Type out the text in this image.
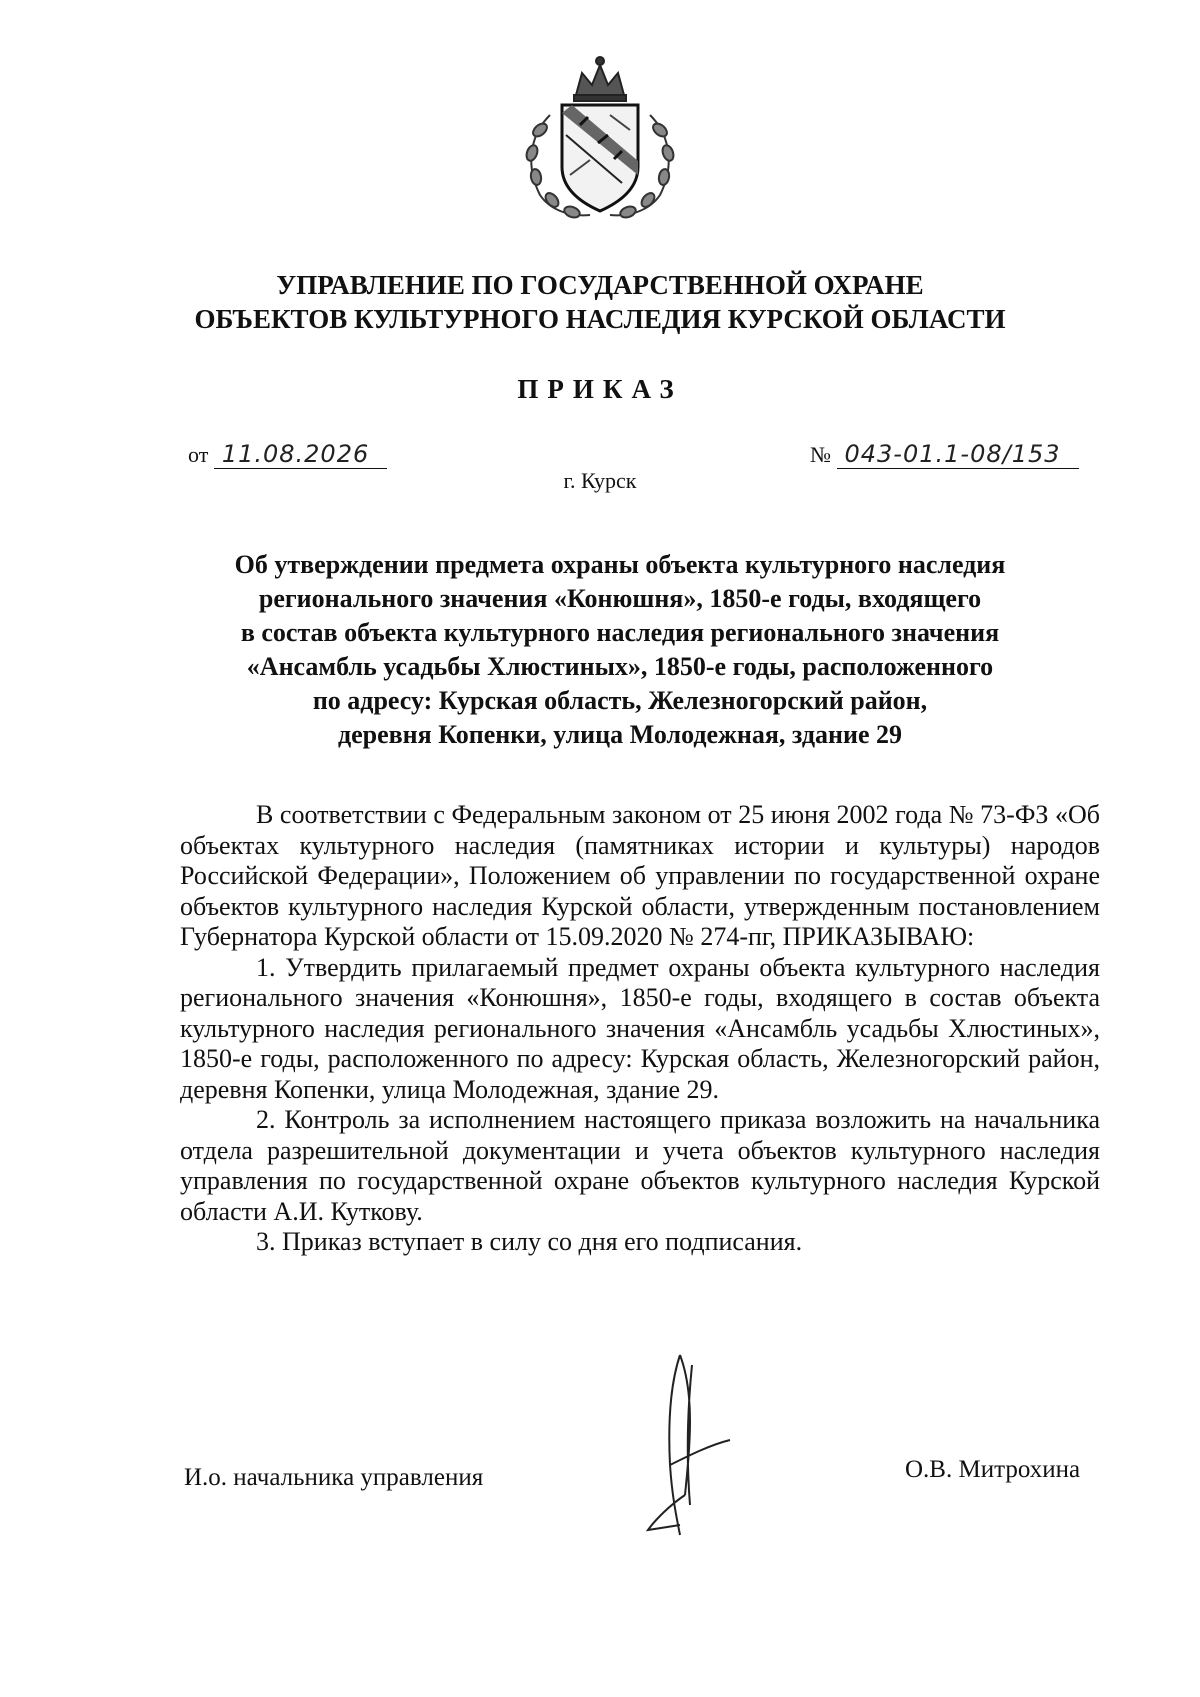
УПРАВЛЕНИЕ ПО ГОСУДАРСТВЕННОЙ ОХРАНЕ
ОБЪЕКТОВ КУЛЬТУРНОГО НАСЛЕДИЯ КУРСКОЙ ОБЛАСТИ
ПРИКАЗ
от 11.08.2026	№ 043-01.1-08/153
г. Курск
Об утверждении предмета охраны объекта культурного наследия
регионального значения «Конюшня», 1850-е годы, входящего
в состав объекта культурного наследия регионального значения
«Ансамбль усадьбы Хлюстиных», 1850-е годы, расположенного
по адресу: Курская область, Железногорский район,
деревня Копенки, улица Молодежная, здание 29

В соответствии с Федеральным законом от 25 июня 2002 года № 73-ФЗ «Об объектах культурного наследия (памятниках истории и культуры) народов Российской Федерации», Положением об управлении по государственной охране объектов культурного наследия Курской области, утвержденным постановлением Губернатора Курской области от 15.09.2020 № 274-пг, ПРИКАЗЫВАЮ:

1. Утвердить прилагаемый предмет охраны объекта культурного наследия регионального значения «Конюшня», 1850-е годы, входящего в состав объекта культурного наследия регионального значения «Ансамбль усадьбы Хлюстиных», 1850-е годы, расположенного по адресу: Курская область, Железногорский район, деревня Копенки, улица Молодежная, здание 29.

2. Контроль за исполнением настоящего приказа возложить на начальника отдела разрешительной документации и учета объектов культурного наследия управления по государственной охране объектов культурного наследия Курской области А.И. Куткову.

3. Приказ вступает в силу со дня его подписания.

И.о. начальника управления	О.В. Митрохина
